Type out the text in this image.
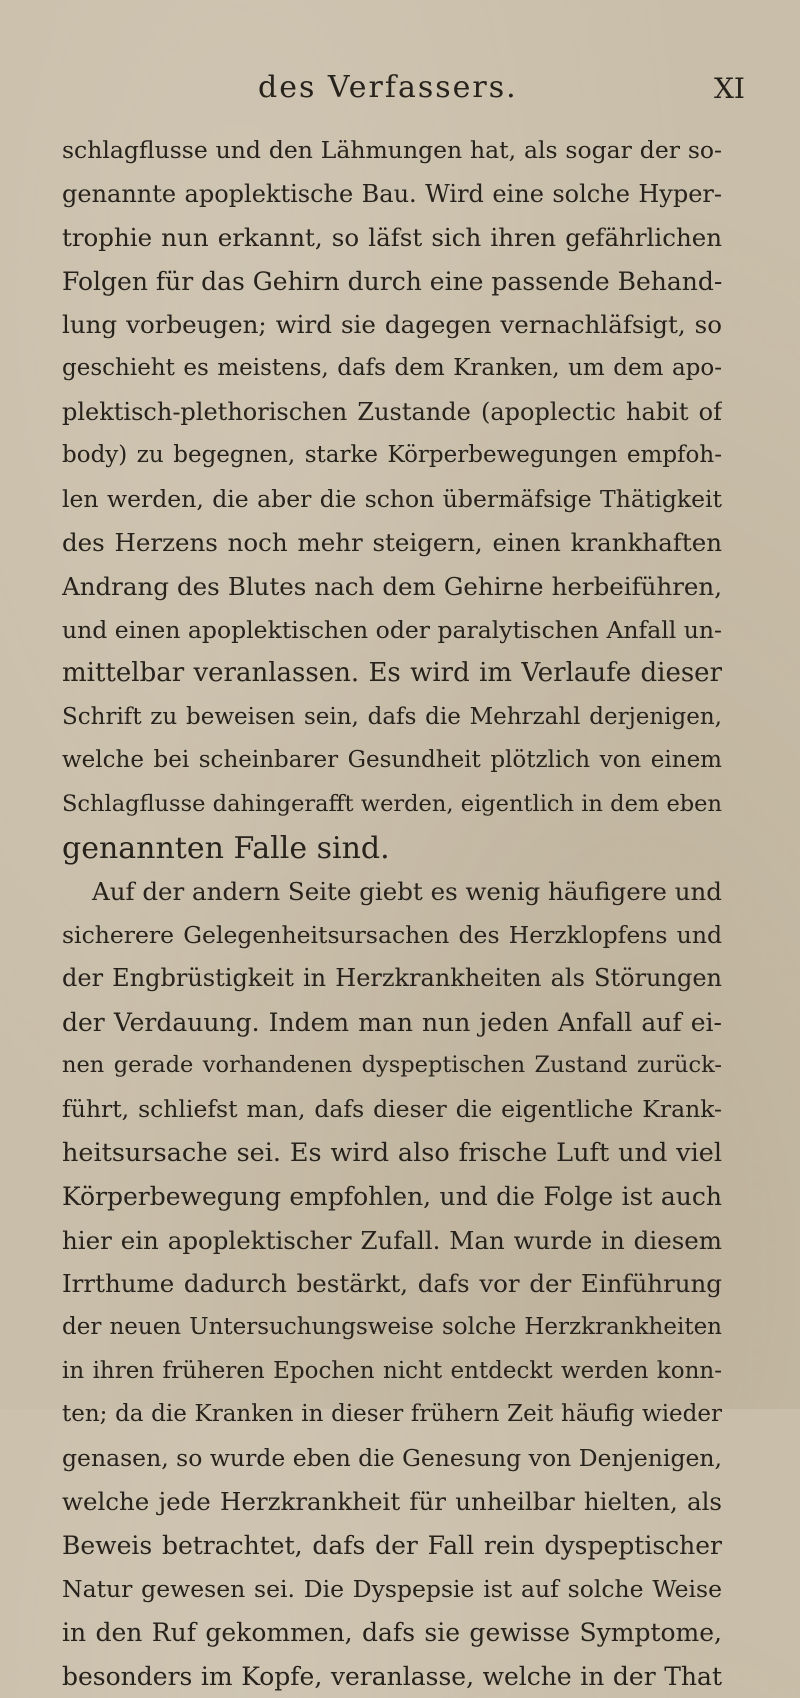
des Verfassers.	XI
schlagflusse und den Lähmungen hat, als sogar der so-
genannte apoplektische Bau. Wird eine solche Hyper-
trophie nun erkannt, so läfst sich ihren gefährlichen
Folgen für das Gehirn durch eine passende Behand-
lung vorbeugen; wird sie dagegen vernachläfsigt, so
geschieht es meistens, dafs dem Kranken, um dem apo-
plektisch-plethorischen Zustande (apoplectic habit of
body) zu begegnen, starke Körperbewegungen empfoh-
len werden, die aber die schon übermäfsige Thätigkeit
des Herzens noch mehr steigern, einen krankhaften
Andrang des Blutes nach dem Gehirne herbeiführen,
und einen apoplektischen oder paralytischen Anfall un-
mittelbar veranlassen. Es wird im Verlaufe dieser
Schrift zu beweisen sein, dafs die Mehrzahl derjenigen,
welche bei scheinbarer Gesundheit plötzlich von einem
Schlagflusse dahingerafft werden, eigentlich in dem eben
genannten Falle sind.
Auf der andern Seite giebt es wenig häufigere und
sicherere Gelegenheitsursachen des Herzklopfens und
der Engbrüstigkeit in Herzkrankheiten als Störungen
der Verdauung. Indem man nun jeden Anfall auf ei-
nen gerade vorhandenen dyspeptischen Zustand zurück-
führt, schliefst man, dafs dieser die eigentliche Krank-
heitsursache sei. Es wird also frische Luft und viel
Körperbewegung empfohlen, und die Folge ist auch
hier ein apoplektischer Zufall. Man wurde in diesem
Irrthume dadurch bestärkt, dafs vor der Einführung
der neuen Untersuchungsweise solche Herzkrankheiten
in ihren früheren Epochen nicht entdeckt werden konn-
ten; da die Kranken in dieser frühern Zeit häufig wieder
genasen, so wurde eben die Genesung von Denjenigen,
welche jede Herzkrankheit für unheilbar hielten, als
Beweis betrachtet, dafs der Fall rein dyspeptischer
Natur gewesen sei. Die Dyspepsie ist auf solche Weise
in den Ruf gekommen, dafs sie gewisse Symptome,
besonders im Kopfe, veranlasse, welche in der That
